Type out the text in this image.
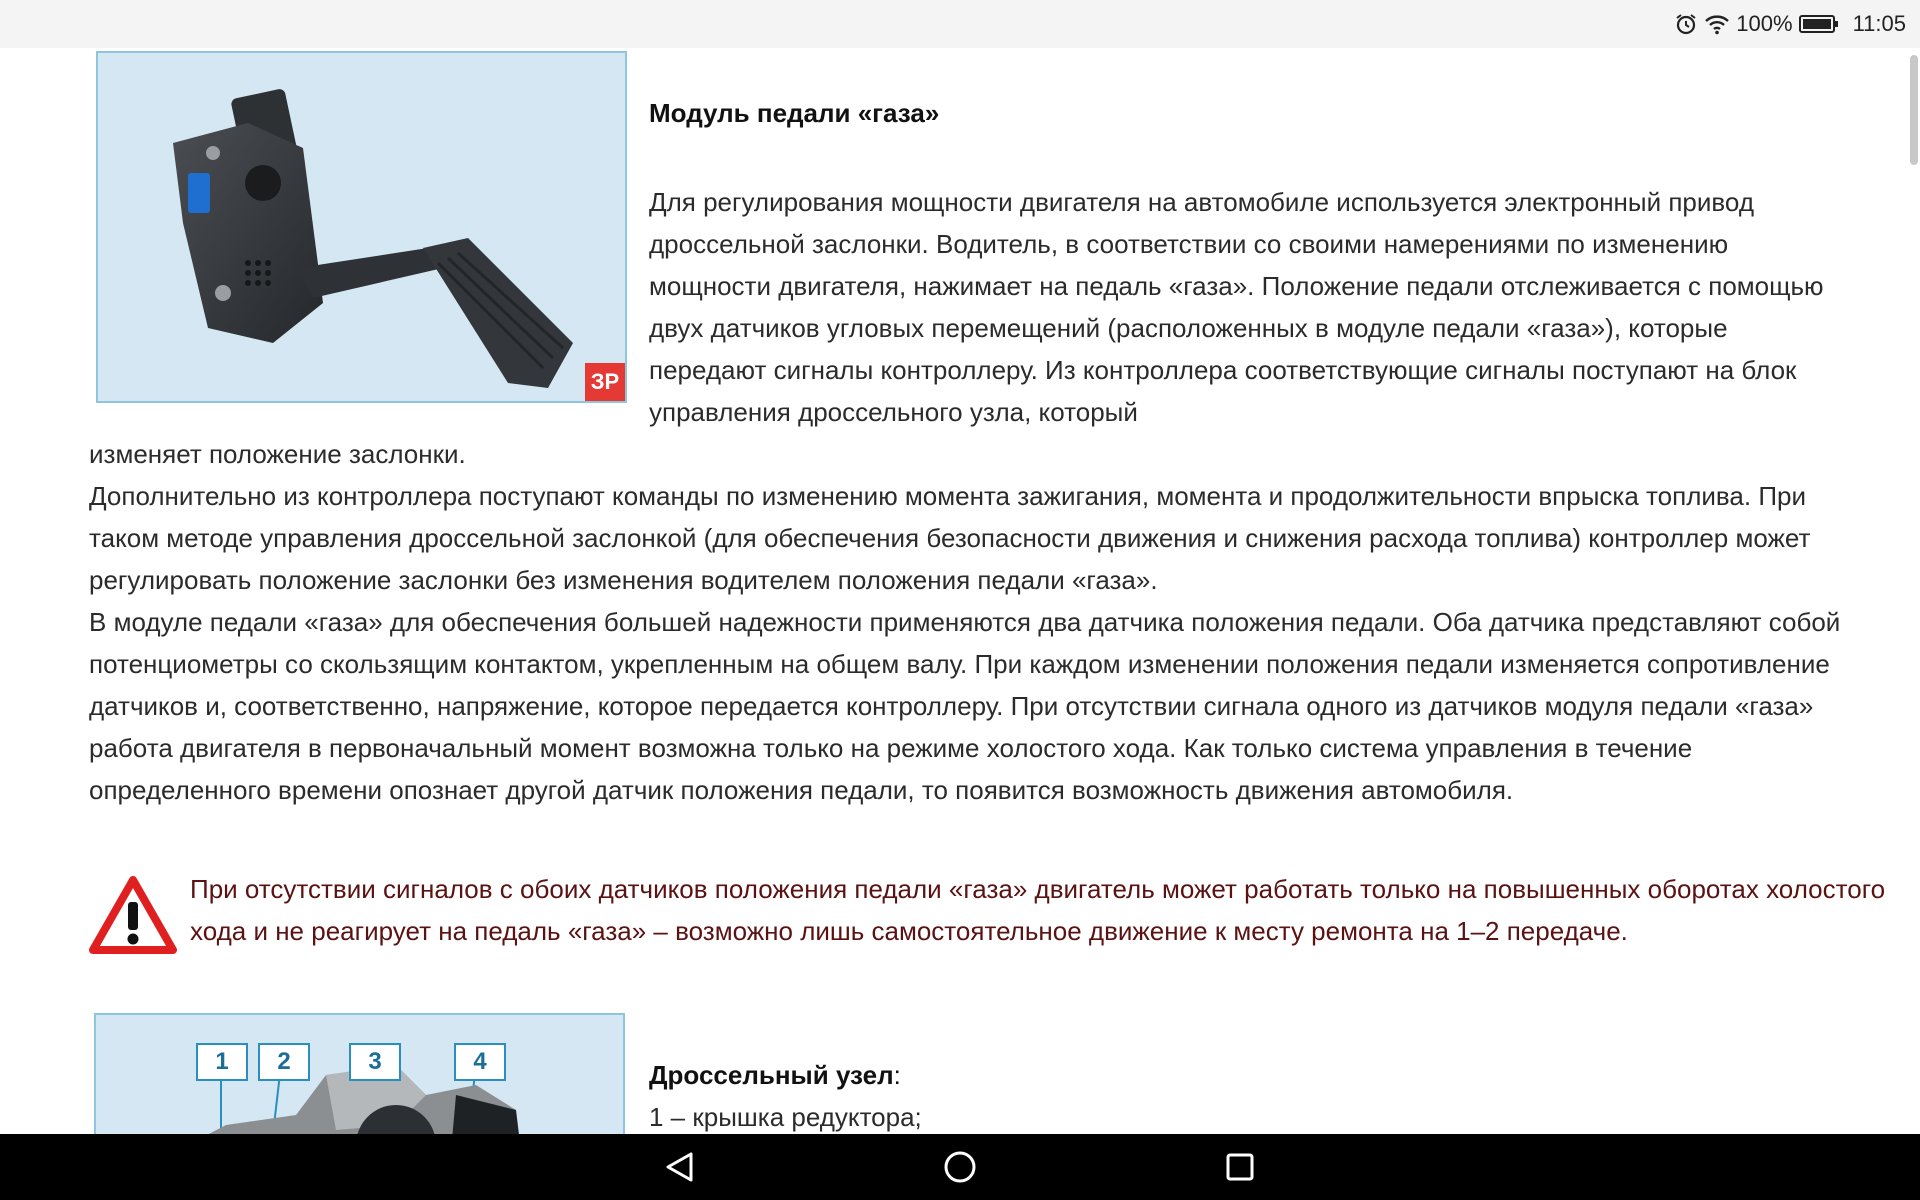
100%	11:05
ЗР
Модуль педали «газа»
Для регулирования мощности двигателя на автомобиле используется электронный привод дроссельной заслонки. Водитель, в соответствии со своими намерениями по изменению мощности двигателя, нажимает на педаль «газа». Положение педали отслеживается с помощью двух датчиков угловых перемещений (расположенных в модуле педали «газа»), которые передают сигналы контроллеру. Из контроллера соответствующие сигналы поступают на блок управления дроссельного узла, который
изменяет положение заслонки.
Дополнительно из контроллера поступают команды по изменению момента зажигания, момента и продолжительности впрыска топлива. При таком методе управления дроссельной заслонкой (для обеспечения безопасности движения и снижения расхода топлива) контроллер может регулировать положение заслонки без изменения водителем положения педали «газа».
В модуле педали «газа» для обеспечения большей надежности применяются два датчика положения педали. Оба датчика представляют собой потенциометры со скользящим контактом, укрепленным на общем валу. При каждом изменении положения педали изменяется сопротивление датчиков и, соответственно, напряжение, которое передается контроллеру. При отсутствии сигнала одного из датчиков модуля педали «газа» работа двигателя в первоначальный момент возможна только на режиме холостого хода. Как только система управления в течение определенного времени опознает другой датчик положения педали, то появится возможность движения автомобиля.
При отсутствии сигналов с обоих датчиков положения педали «газа» двигатель может работать только на повышенных оборотах холостого хода и не реагирует на педаль «газа» – возможно лишь самостоятельное движение к месту ремонта на 1–2 передаче.
1	2	3	4	Дроссельный узел:
1 – крышка редуктора;
